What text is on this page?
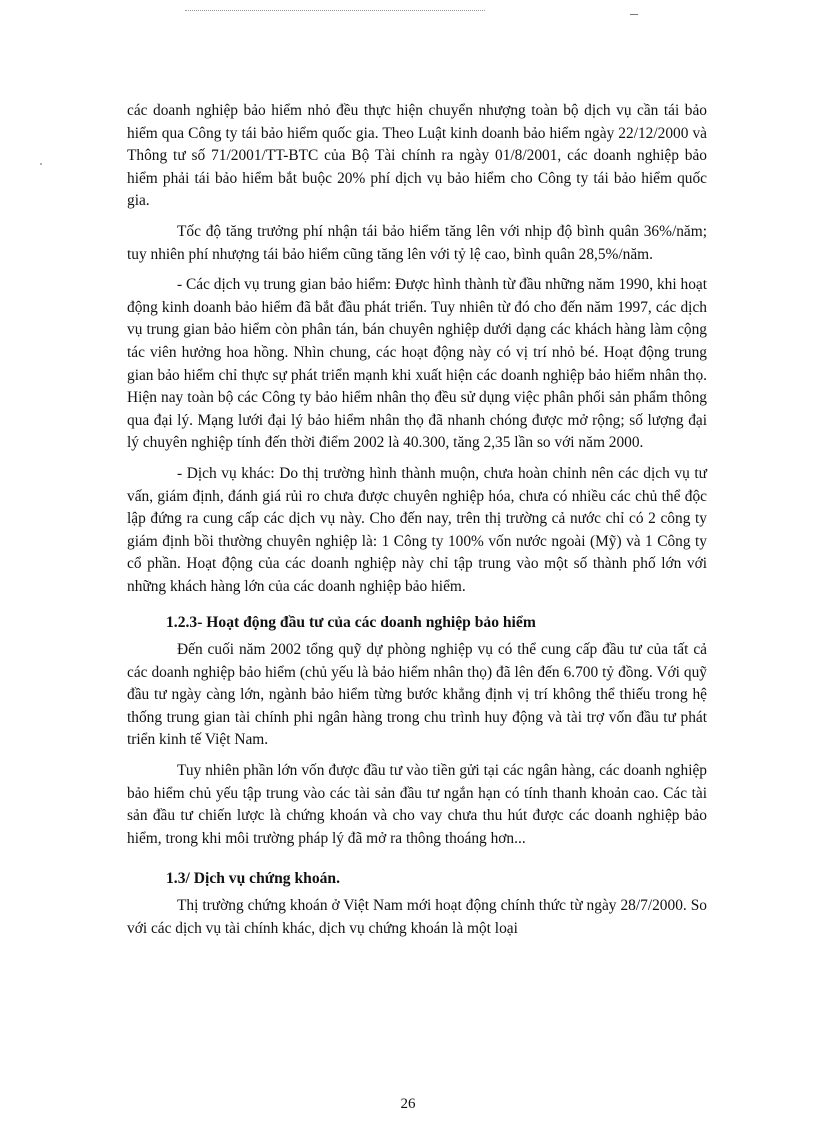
các doanh nghiệp bảo hiểm nhỏ đều thực hiện chuyển nhượng toàn bộ dịch vụ cần tái bảo hiểm qua Công ty tái bảo hiểm quốc gia. Theo Luật kinh doanh bảo hiểm ngày 22/12/2000 và Thông tư số 71/2001/TT-BTC của Bộ Tài chính ra ngày 01/8/2001, các doanh nghiệp bảo hiểm phải tái bảo hiểm bắt buộc 20% phí dịch vụ bảo hiểm cho Công ty tái bảo hiểm quốc gia.

Tốc độ tăng trưởng phí nhận tái bảo hiểm tăng lên với nhịp độ bình quân 36%/năm; tuy nhiên phí nhượng tái bảo hiểm cũng tăng lên với tỷ lệ cao, bình quân 28,5%/năm.

- Các dịch vụ trung gian bảo hiểm: Được hình thành từ đầu những năm 1990, khi hoạt động kinh doanh bảo hiểm đã bắt đầu phát triển. Tuy nhiên từ đó cho đến năm 1997, các dịch vụ trung gian bảo hiểm còn phân tán, bán chuyên nghiệp dưới dạng các khách hàng làm cộng tác viên hưởng hoa hồng. Nhìn chung, các hoạt động này có vị trí nhỏ bé. Hoạt động trung gian bảo hiểm chỉ thực sự phát triển mạnh khi xuất hiện các doanh nghiệp bảo hiểm nhân thọ. Hiện nay toàn bộ các Công ty bảo hiểm nhân thọ đều sử dụng việc phân phối sản phẩm thông qua đại lý. Mạng lưới đại lý bảo hiểm nhân thọ đã nhanh chóng được mở rộng; số lượng đại lý chuyên nghiệp tính đến thời điểm 2002 là 40.300, tăng 2,35 lần so với năm 2000.

- Dịch vụ khác: Do thị trường hình thành muộn, chưa hoàn chỉnh nên các dịch vụ tư vấn, giám định, đánh giá rủi ro chưa được chuyên nghiệp hóa, chưa có nhiều các chủ thể độc lập đứng ra cung cấp các dịch vụ này. Cho đến nay, trên thị trường cả nước chỉ có 2 công ty giám định bồi thường chuyên nghiệp là: 1 Công ty 100% vốn nước ngoài (Mỹ) và 1 Công ty cổ phần. Hoạt động của các doanh nghiệp này chỉ tập trung vào một số thành phố lớn với những khách hàng lớn của các doanh nghiệp bảo hiểm.

1.2.3- Hoạt động đầu tư của các doanh nghiệp bảo hiểm

Đến cuối năm 2002 tổng quỹ dự phòng nghiệp vụ có thể cung cấp đầu tư của tất cả các doanh nghiệp bảo hiểm (chủ yếu là bảo hiểm nhân thọ) đã lên đến 6.700 tỷ đồng. Với quỹ đầu tư ngày càng lớn, ngành bảo hiểm từng bước khẳng định vị trí không thể thiếu trong hệ thống trung gian tài chính phi ngân hàng trong chu trình huy động và tài trợ vốn đầu tư phát triển kinh tế Việt Nam.

Tuy nhiên phần lớn vốn được đầu tư vào tiền gửi tại các ngân hàng, các doanh nghiệp bảo hiểm chủ yếu tập trung vào các tài sản đầu tư ngắn hạn có tính thanh khoản cao. Các tài sản đầu tư chiến lược là chứng khoán và cho vay chưa thu hút được các doanh nghiệp bảo hiểm, trong khi môi trường pháp lý đã mở ra thông thoáng hơn...

1.3/ Dịch vụ chứng khoán.

Thị trường chứng khoán ở Việt Nam mới hoạt động chính thức từ ngày 28/7/2000. So với các dịch vụ tài chính khác, dịch vụ chứng khoán là một loại

26
